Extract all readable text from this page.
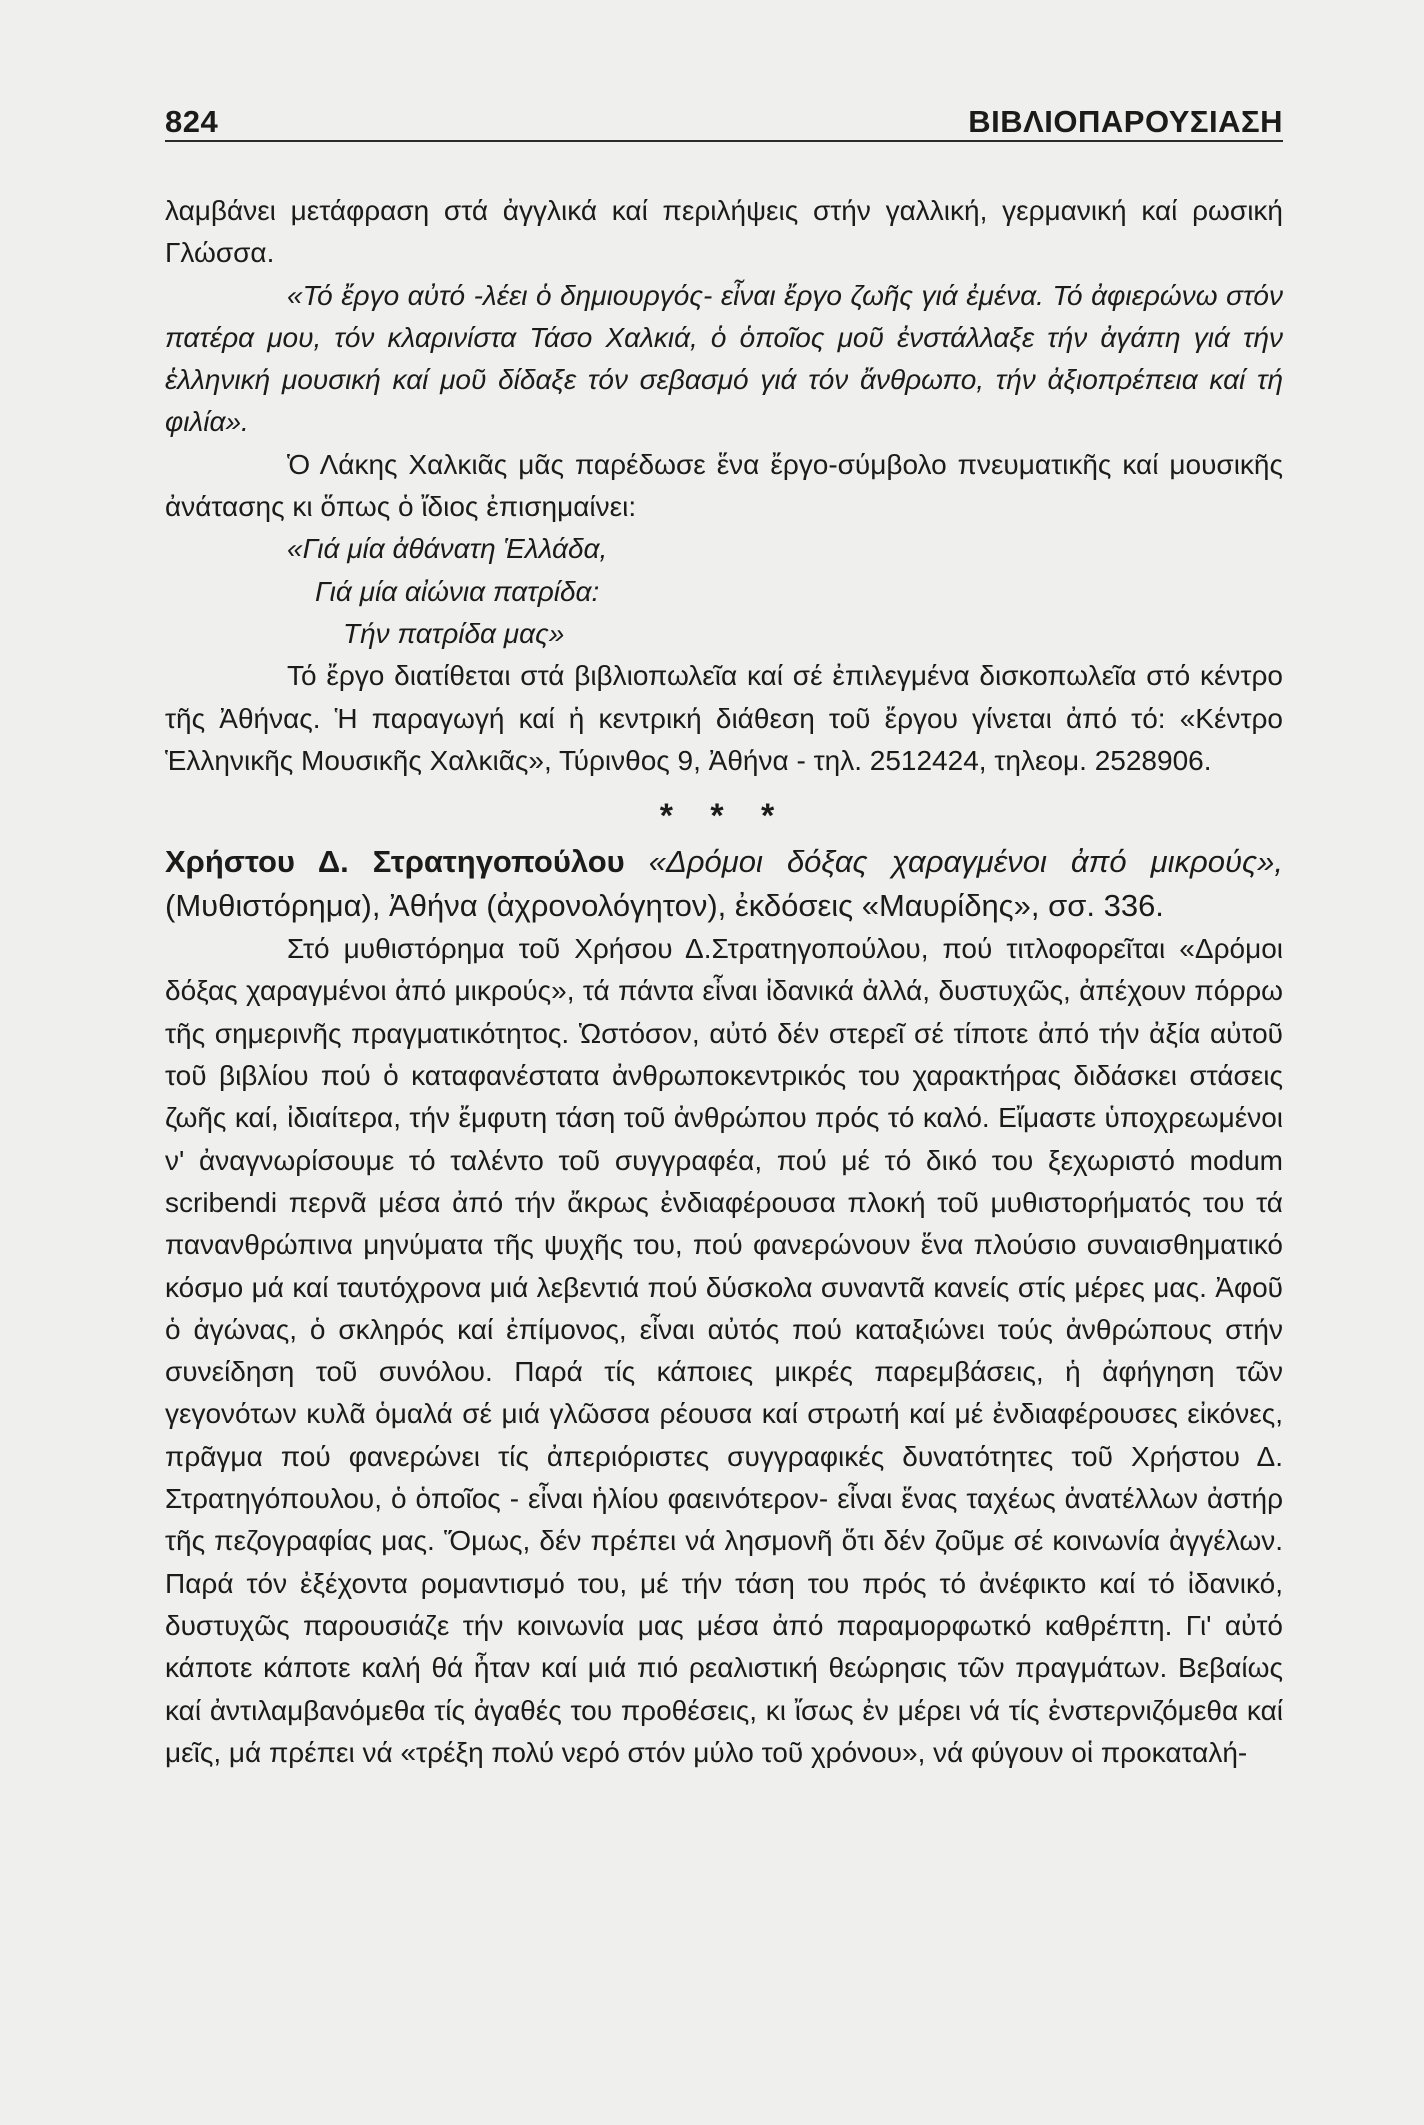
824	ΒΙΒΛΙΟΠΑΡΟΥΣΙΑΣΗ

λαμβάνει μετάφραση στά ἀγγλικά καί περιλήψεις στήν γαλλική, γερμανική καί ρωσική Γλώσσα.

«Τό ἔργο αὐτό -λέει ὁ δημιουργός- εἶναι ἔργο ζωῆς γιά ἐμένα. Τό ἀφιερώνω στόν πατέρα μου, τόν κλαρινίστα Τάσο Χαλκιά, ὁ ὁποῖος μοῦ ἐνστάλλαξε τήν ἀγάπη γιά τήν ἑλληνική μουσική καί μοῦ δίδαξε τόν σεβασμό γιά τόν ἄνθρωπο, τήν ἀξιοπρέπεια καί τή φιλία».

Ὁ Λάκης Χαλκιᾶς μᾶς παρέδωσε ἕνα ἔργο-σύμβολο πνευματικῆς καί μουσικῆς ἀνάτασης κι ὅπως ὁ ἴδιος ἐπισημαίνει:

«Γιά μία ἀθάνατη Ἑλλάδα,
Γιά μία αἰώνια πατρίδα:
Τήν πατρίδα μας»

Τό ἔργο διατίθεται στά βιβλιοπωλεῖα καί σέ ἐπιλεγμένα δισκοπωλεῖα στό κέντρο τῆς Ἀθήνας. Ἡ παραγωγή καί ἡ κεντρική διάθεση τοῦ ἔργου γίνεται ἀπό τό: «Κέντρο Ἑλληνικῆς Μουσικῆς Χαλκιᾶς», Τύρινθος 9, Ἀθήνα - τηλ. 2512424, τηλεομ. 2528906.

* * *

Χρήστου Δ. Στρατηγοπούλου «Δρόμοι δόξας χαραγμένοι ἀπό μικρούς», (Μυθιστόρημα), Ἀθήνα (ἀχρονολόγητον), ἐκδόσεις «Μαυρίδης», σσ. 336.

Στό μυθιστόρημα τοῦ Χρήσου Δ.Στρατηγοπούλου, πού τιτλοφορεῖται «Δρόμοι δόξας χαραγμένοι ἀπό μικρούς», τά πάντα εἶναι ἰδανικά ἀλλά, δυστυχῶς, ἀπέχουν πόρρω τῆς σημερινῆς πραγματικότητος. Ὡστόσον, αὐτό δέν στερεῖ σέ τίποτε ἀπό τήν ἀξία αὐτοῦ τοῦ βιβλίου πού ὁ καταφανέστατα ἀνθρωποκεντρικός του χαρακτήρας διδάσκει στάσεις ζωῆς καί, ἰδιαίτερα, τήν ἔμφυτη τάση τοῦ ἀνθρώπου πρός τό καλό. Εἴμαστε ὑποχρεωμένοι ν' ἀναγνωρίσουμε τό ταλέντο τοῦ συγγραφέα, πού μέ τό δικό του ξεχωριστό modum scribendi περνᾶ μέσα ἀπό τήν ἄκρως ἐνδιαφέρουσα πλοκή τοῦ μυθιστορήματός του τά πανανθρώπινα μηνύματα τῆς ψυχῆς του, πού φανερώνουν ἕνα πλούσιο συναισθηματικό κόσμο μά καί ταυτόχρονα μιά λεβεντιά πού δύσκολα συναντᾶ κανείς στίς μέρες μας. Ἀφοῦ ὁ ἀγώνας, ὁ σκληρός καί ἐπίμονος, εἶναι αὐτός πού καταξιώνει τούς ἀνθρώπους στήν συνείδηση τοῦ συνόλου. Παρά τίς κάποιες μικρές παρεμβάσεις, ἡ ἀφήγηση τῶν γεγονότων κυλᾶ ὁμαλά σέ μιά γλῶσσα ρέουσα καί στρωτή καί μέ ἐνδιαφέρουσες εἰκόνες, πρᾶγμα πού φανερώνει τίς ἀπεριόριστες συγγραφικές δυνατότητες τοῦ Χρήστου Δ. Στρατηγόπουλου, ὁ ὁποῖος - εἶναι ἡλίου φαεινότερον- εἶναι ἕνας ταχέως ἀνατέλλων ἀστήρ τῆς πεζογραφίας μας. Ὅμως, δέν πρέπει νά λησμονῆ ὅτι δέν ζοῦμε σέ κοινωνία ἀγγέλων. Παρά τόν ἐξέχοντα ρομαντισμό του, μέ τήν τάση του πρός τό ἀνέφικτο καί τό ἰδανικό, δυστυχῶς παρουσιάζε τήν κοινωνία μας μέσα ἀπό παραμορφωτκό καθρέπτη. Γι' αὐτό κάποτε κάποτε καλή θά ἦταν καί μιά πιό ρεαλιστική θεώρησις τῶν πραγμάτων. Βεβαίως καί ἀντιλαμβανόμεθα τίς ἀγαθές του προθέσεις, κι ἴσως ἐν μέρει νά τίς ἐνστερνιζόμεθα καί μεῖς, μά πρέπει νά «τρέξη πολύ νερό στόν μύλο τοῦ χρόνου», νά φύγουν οἱ προκαταλή-
